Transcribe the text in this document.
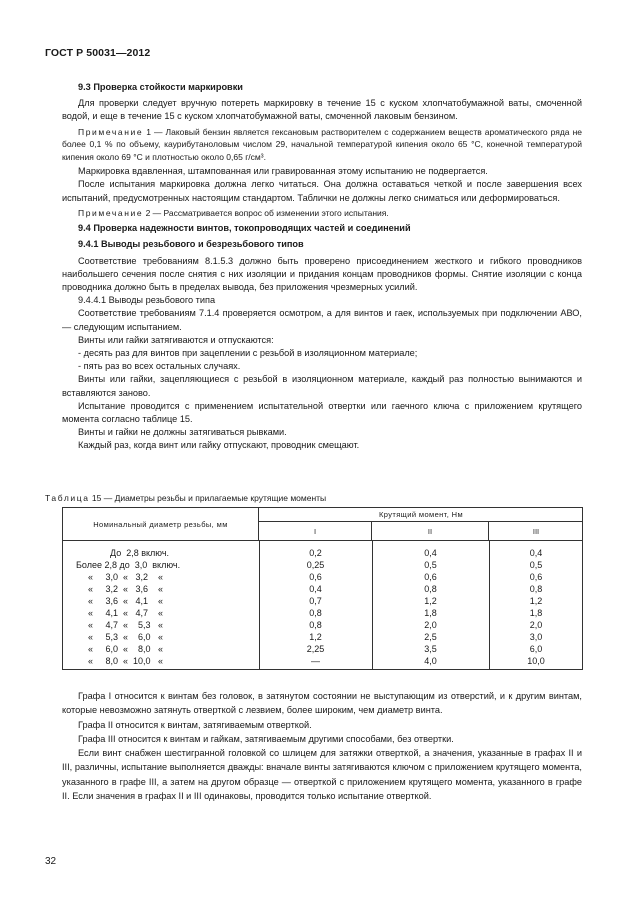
ГОСТ Р 50031—2012
9.3 Проверка стойкости маркировки
Для проверки следует вручную потереть маркировку в течение 15 с куском хлопчатобумажной ваты, смоченной водой, и еще в течение 15 с куском хлопчатобумажной ваты, смоченной лаковым бензином.
Примечание 1 — Лаковый бензин является гексановым растворителем с содержанием веществ ароматического ряда не более 0,1 % по объему, каурибутаноловым числом 29, начальной температурой кипения около 65 °С, конечной температурой кипения около 69 °С и плотностью около 0,65 г/см³.
Маркировка вдавленная, штампованная или гравированная этому испытанию не подвергается.
После испытания маркировка должна легко читаться. Она должна оставаться четкой и после завершения всех испытаний, предусмотренных настоящим стандартом. Таблички не должны легко сниматься или деформироваться.
Примечание 2 — Рассматривается вопрос об изменении этого испытания.
9.4 Проверка надежности винтов, токопроводящих частей и соединений
9.4.1 Выводы резьбового и безрезьбового типов
Соответствие требованиям 8.1.5.3 должно быть проверено присоединением жесткого и гибкого проводников наибольшего сечения после снятия с них изоляции и придания концам проводников формы. Снятие изоляции с конца проводника должно быть в пределах вывода, без приложения чрезмерных усилий.
9.4.4.1 Выводы резьбового типа
Соответствие требованиям 7.1.4 проверяется осмотром, а для винтов и гаек, используемых при подключении АВО, — следующим испытанием.
Винты или гайки затягиваются и отпускаются:
- десять раз для винтов при зацеплении с резьбой в изоляционном материале;
- пять раз во всех остальных случаях.
Винты или гайки, зацепляющиеся с резьбой в изоляционном материале, каждый раз полностью вынимаются и вставляются заново.
Испытание проводится с применением испытательной отвертки или гаечного ключа с приложением крутящего момента согласно таблице 15.
Винты и гайки не должны затягиваться рывками.
Каждый раз, когда винт или гайку отпускают, проводник смещают.
Таблица 15 — Диаметры резьбы и прилагаемые крутящие моменты
Номинальный диаметр резьбы, мм
Крутящий момент, Нм
I	II	III
До  2,8 включ.	0,2	0,4	0,4
Более 2,8 до  3,0  включ.	0,25	0,5	0,5
«     3,0  «   3,2    «	0,6	0,6	0,6
«     3,2  «   3,6    «	0,4	0,8	0,8
«     3,6  «   4,1    «	0,7	1,2	1,2
«     4,1  «   4,7    «	0,8	1,8	1,8
«     4,7  «    5,3   «	0,8	2,0	2,0
«     5,3  «    6,0   «	1,2	2,5	3,0
«     6,0  «    8,0   «	2,25	3,5	6,0
«     8,0  «  10,0   «	—	4,0	10,0
Графа I относится к винтам без головок, в затянутом состоянии не выступающим из отверстий, и к другим винтам, которые невозможно затянуть отверткой с лезвием, более широким, чем диаметр винта.
Графа II относится к винтам, затягиваемым отверткой.
Графа III относится к винтам и гайкам, затягиваемым другими способами, без отвертки.
Если винт снабжен шестигранной головкой со шлицем для затяжки отверткой, а значения, указанные в графах II и III, различны, испытание выполняется дважды: вначале винты затягиваются ключом с приложением крутящего момента, указанного в графе III, а затем на другом образце — отверткой с приложением крутящего момента, указанного в графе II. Если значения в графах II и III одинаковы, проводится только испытание отверткой.
32
